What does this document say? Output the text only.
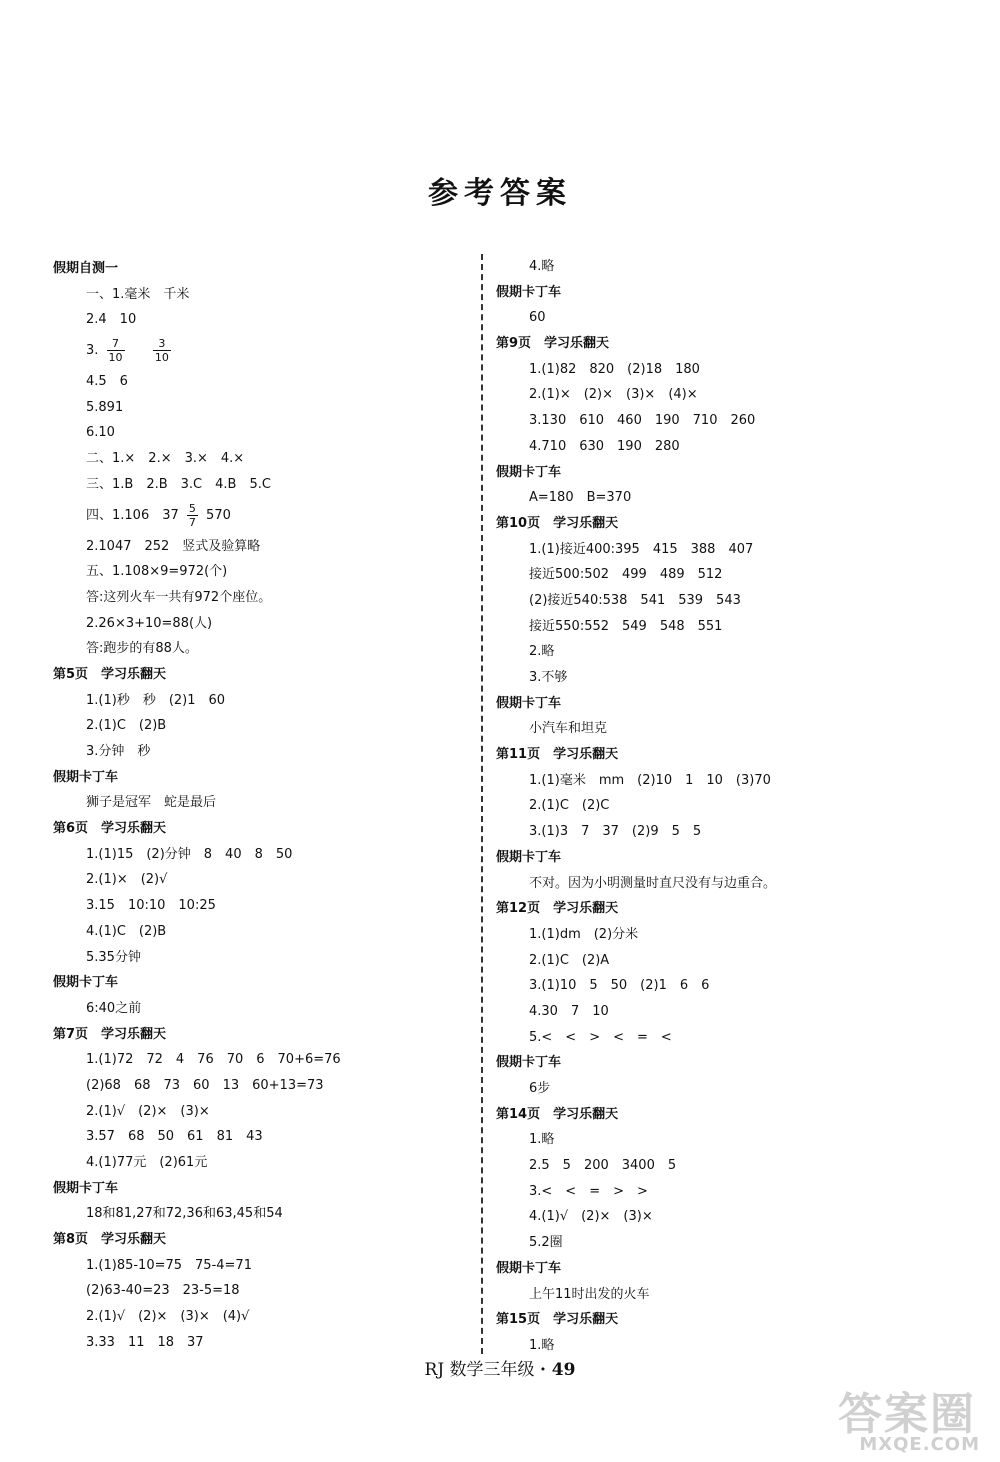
参考答案
假期自测一
一、1.毫米　千米
2.4　10
3. $\frac{7}{10}$
	$\frac{3}{10}$
4.5　6
5.891
6.10
二、1.×　2.×　3.×　4.×
三、1.B　2.B　3.C　4.B　5.C
四、1.106　$37 \frac{5}{7} 570$
2.1047　252　竖式及验算略
五、1.108×9=972(个)
答:这列火车一共有972个座位。
2.26×3+10=88(人)
答:跑步的有88人。
第5页　学习乐翻天
1.(1)秒　秒　(2)1　60
2.(1)C　(2)B
3.分钟　秒
假期卡丁车
狮子是冠军　蛇是最后
第6页　学习乐翻天
1.(1)15　(2)分钟　8　40　8　50
2.(1)×　(2)√
3.15　10:10　10:25
4.(1)C　(2)B
5.35分钟
假期卡丁车
6:40之前
第7页　学习乐翻天
1.(1)72　72　4　76　70　6　70+6=76
(2)68　68　73　60　13　60+13=73
2.(1)√　(2)×　(3)×
3.57　68　50　61　81　43
4.(1)77元　(2)61元
假期卡丁车
18和81,27和72,36和63,45和54
第8页　学习乐翻天
1.(1)85-10=75　75-4=71
(2)63-40=23　23-5=18
2.(1)√　(2)×　(3)×　(4)√
3.33　11　18　37
4.略
假期卡丁车
60
第9页　学习乐翻天
1.(1)82　820　(2)18　180
2.(1)×　(2)×　(3)×　(4)×
3.130　610　460　190　710　260
4.710　630　190　280
假期卡丁车
A=180　B=370
第10页　学习乐翻天
1.(1)接近400:395　415　388　407
接近500:502　499　489　512
(2)接近540:538　541　539　543
接近550:552　549　548　551
2.略
3.不够
假期卡丁车
小汽车和坦克
第11页　学习乐翻天
1.(1)毫米　mm　(2)10　1　10　(3)70
2.(1)C　(2)C
3.(1)3　7　37　(2)9　5　5
假期卡丁车
不对。因为小明测量时直尺没有与边重合。
第12页　学习乐翻天
1.(1)dm　(2)分米
2.(1)C　(2)A
3.(1)10　5　50　(2)1　6　6
4.30　7　10
5.<　<　>　<　=　<
假期卡丁车
6步
第14页　学习乐翻天
1.略
2.5　5　200　3400　5
3.<　<　=　>　>
4.(1)√　(2)×　(3)×
5.2圈
假期卡丁车
上午11时出发的火车
第15页　学习乐翻天
1.略
RJ 数学三年级 · 49
答案圈
MXQE.COM
